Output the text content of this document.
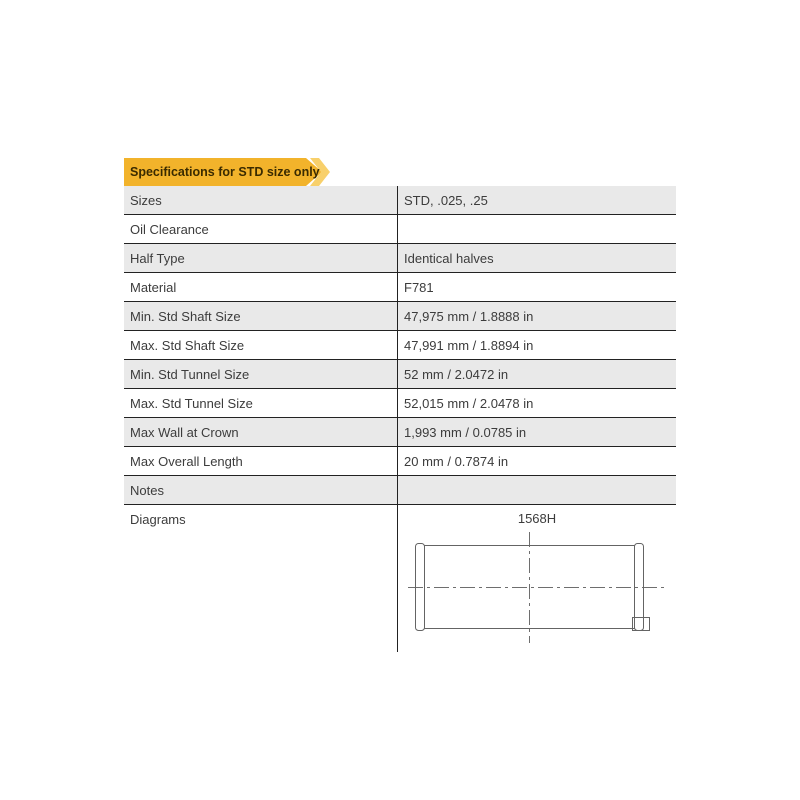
Specifications for STD size only
Sizes	STD, .025, .25
Oil Clearance
Half Type	Identical halves
Material	F781
Min. Std Shaft Size	47,975 mm / 1.8888 in
Max. Std Shaft Size	47,991 mm / 1.8894 in
Min. Std Tunnel Size	52 mm / 2.0472 in
Max. Std Tunnel Size	52,015 mm / 2.0478 in
Max Wall at Crown	1,993 mm / 0.0785 in
Max Overall Length	20 mm / 0.7874 in
Notes
Diagrams	1568H
